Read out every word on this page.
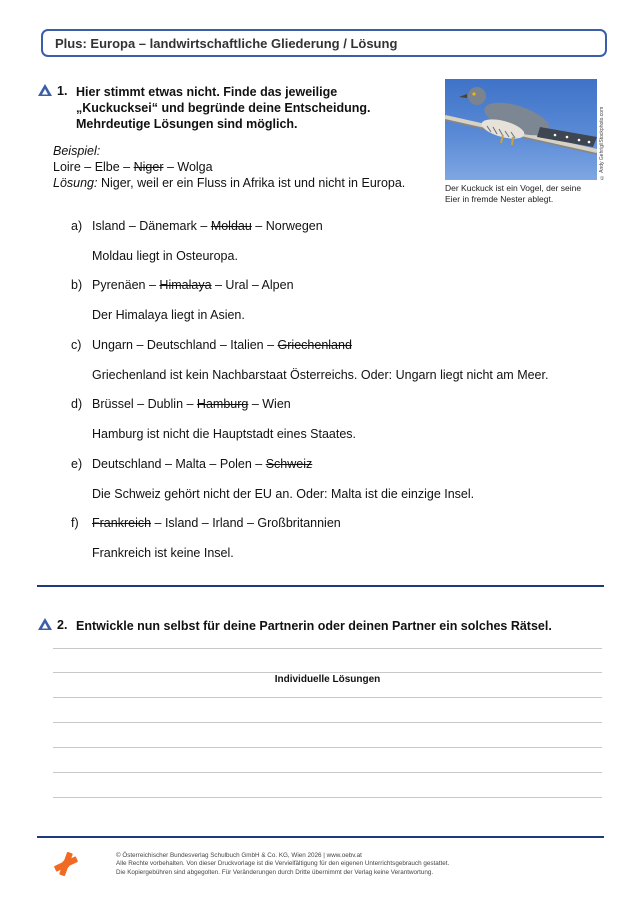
Plus: Europa – landwirtschaftliche Gliederung / Lösung
1. Hier stimmt etwas nicht. Finde das jeweilige
„Kuckucksei“ und begründe deine Entscheidung.
Mehrdeutige Lösungen sind möglich.
Beispiel:
Loire – Elbe – Niger – Wolga
Lösung: Niger, weil er ein Fluss in Afrika ist und nicht in Europa.
© Andy Gehrig/iStockphoto.com
Der Kuckuck ist ein Vogel, der seine
Eier in fremde Nester ablegt.
a) Island – Dänemark – Moldau – Norwegen
Moldau liegt in Osteuropa.
b) Pyrenäen – Himalaya – Ural – Alpen
Der Himalaya liegt in Asien.
c) Ungarn – Deutschland – Italien – Griechenland
Griechenland ist kein Nachbarstaat Österreichs. Oder: Ungarn liegt nicht am Meer.
d) Brüssel – Dublin – Hamburg – Wien
Hamburg ist nicht die Hauptstadt eines Staates.
e) Deutschland – Malta – Polen – Schweiz
Die Schweiz gehört nicht der EU an. Oder: Malta ist die einzige Insel.
f) Frankreich – Island – Irland – Großbritannien
Frankreich ist keine Insel.
2. Entwickle nun selbst für deine Partnerin oder deinen Partner ein solches Rätsel.
Individuelle Lösungen
© Österreichischer Bundesverlag Schulbuch GmbH & Co. KG, Wien 2026 | www.oebv.at
Alle Rechte vorbehalten. Von dieser Druckvorlage ist die Vervielfältigung für den eigenen Unterrichtsgebrauch gestattet.
Die Kopiergebühren sind abgegolten. Für Veränderungen durch Dritte übernimmt der Verlag keine Verantwortung.
